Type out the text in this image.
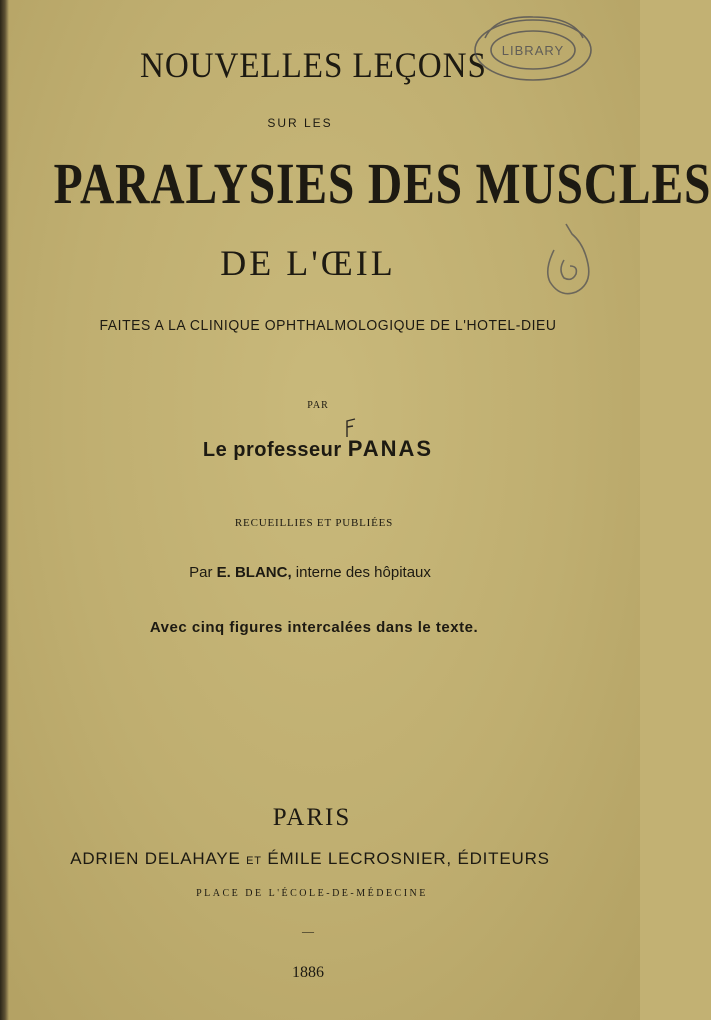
NOUVELLES LEÇONS LIBRARY
SUR LES
PARALYSIES DES MUSCLES
DE L'ŒIL
FAITES A LA CLINIQUE OPHTHALMOLOGIQUE DE L'HOTEL-DIEU
PAR
Le professeur PANAS
RECUEILLIES ET PUBLIÉES
Par E. BLANC, interne des hôpitaux
Avec cinq figures intercalées dans le texte.
PARIS
ADRIEN DELAHAYE ET ÉMILE LECROSNIER, ÉDITEURS
PLACE DE L'ÉCOLE-DE-MÉDECINE
—
1886
